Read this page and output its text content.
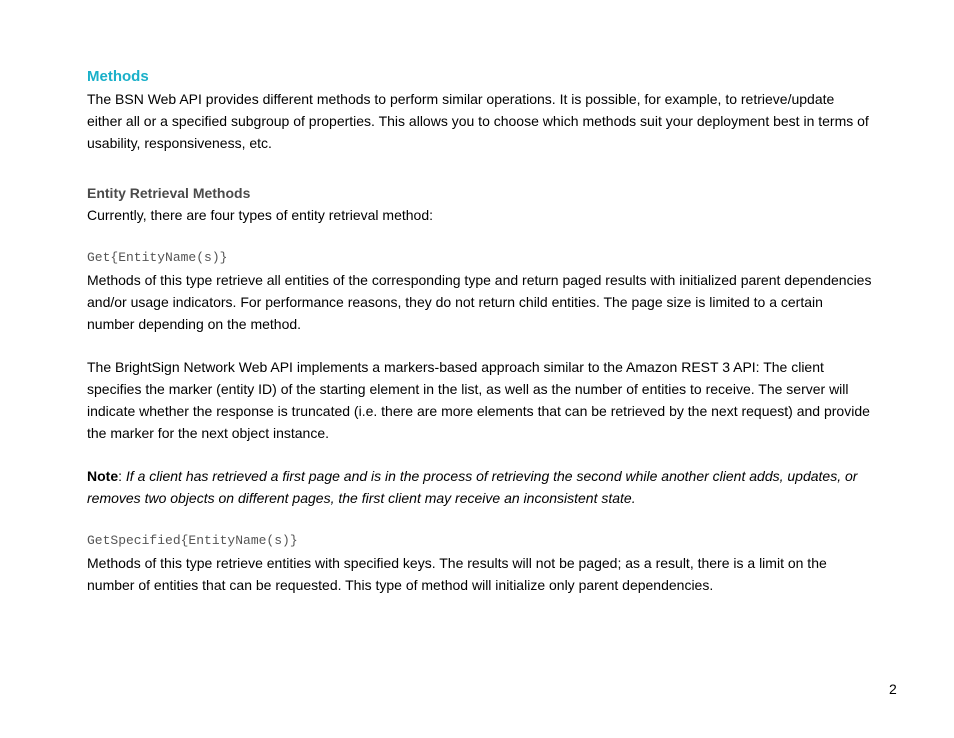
Methods

The BSN Web API provides different methods to perform similar operations. It is possible, for example, to retrieve/update either all or a specified subgroup of properties. This allows you to choose which methods suit your deployment best in terms of usability, responsiveness, etc.

Entity Retrieval Methods

Currently, there are four types of entity retrieval method:

Get{EntityName(s)}

Methods of this type retrieve all entities of the corresponding type and return paged results with initialized parent dependencies and/or usage indicators. For performance reasons, they do not return child entities. The page size is limited to a certain number depending on the method.

The BrightSign Network Web API implements a markers-based approach similar to the Amazon REST 3 API: The client specifies the marker (entity ID) of the starting element in the list, as well as the number of entities to receive. The server will indicate whether the response is truncated (i.e. there are more elements that can be retrieved by the next request) and provide the marker for the next object instance.

Note: If a client has retrieved a first page and is in the process of retrieving the second while another client adds, updates, or removes two objects on different pages, the first client may receive an inconsistent state.

GetSpecified{EntityName(s)}

Methods of this type retrieve entities with specified keys. The results will not be paged; as a result, there is a limit on the number of entities that can be requested. This type of method will initialize only parent dependencies.

2
